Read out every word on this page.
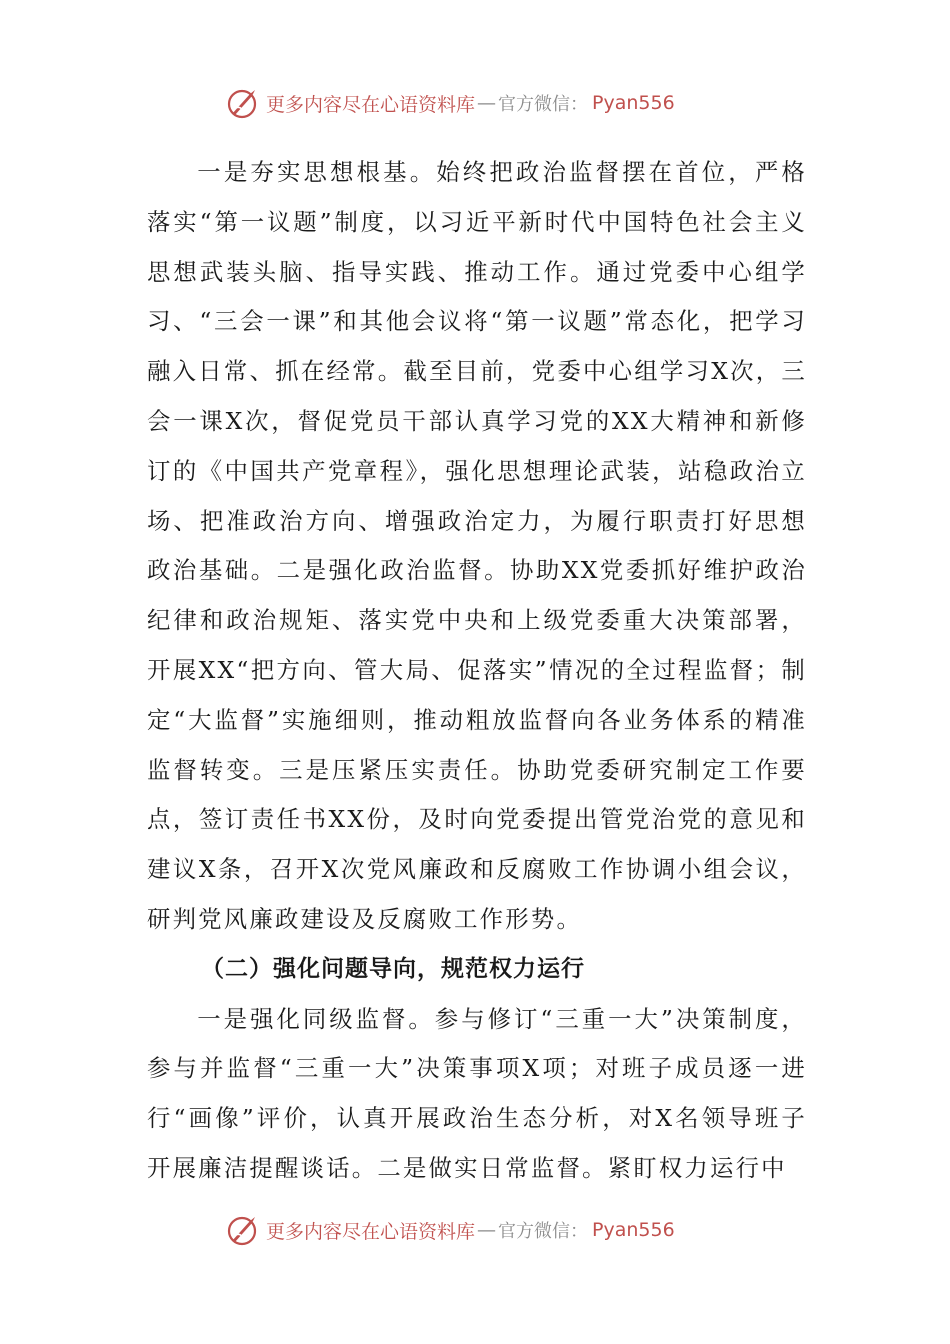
更多内容尽在心语资料库 — 官方微信： Pyan556

一是夯实思想根基。始终把政治监督摆在首位，严格落实“第一议题”制度，以习近平新时代中国特色社会主义思想武装头脑、指导实践、推动工作。通过党委中心组学习、“三会一课”和其他会议将“第一议题”常态化，把学习融入日常、抓在经常。截至目前，党委中心组学习X次，三会一课X次，督促党员干部认真学习党的XX大精神和新修订的《中国共产党章程》，强化思想理论武装，站稳政治立场、把准政治方向、增强政治定力，为履行职责打好思想政治基础。二是强化政治监督。协助XX党委抓好维护政治纪律和政治规矩、落实党中央和上级党委重大决策部署，开展XX“把方向、管大局、促落实”情况的全过程监督；制定“大监督”实施细则，推动粗放监督向各业务体系的精准监督转变。三是压紧压实责任。协助党委研究制定工作要点，签订责任书XX份，及时向党委提出管党治党的意见和建议X条，召开X次党风廉政和反腐败工作协调小组会议，研判党风廉政建设及反腐败工作形势。

（二）强化问题导向，规范权力运行

一是强化同级监督。参与修订“三重一大”决策制度，参与并监督“三重一大”决策事项X项；对班子成员逐一进行“画像”评价，认真开展政治生态分析，对X名领导班子开展廉洁提醒谈话。二是做实日常监督。紧盯权力运行中

更多内容尽在心语资料库 — 官方微信： Pyan556
